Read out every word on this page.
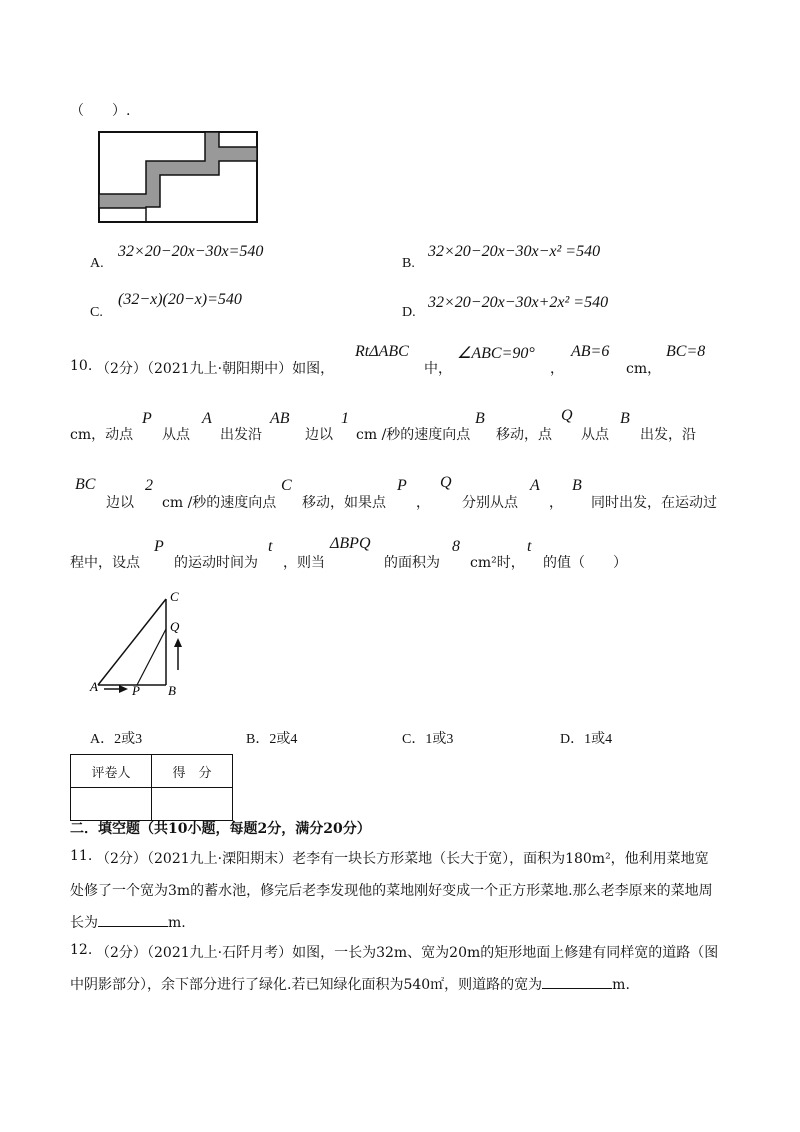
（　　）.
A.
32×20−20x−30x=540
B.
32×20−20x−30x−x² =540
C.
(32−x)(20−x)=540
D.
32×20−20x−30x+2x² =540
10. （2分）
（2021九上·朝阳期中）如图，
RtΔABC
中，
∠ABC=90°
，
AB=6
cm，
BC=8
cm，动点
P
从点
A
出发沿
AB
边以
1
cm /秒的速度向点
B
移动，点
Q
从点
B
出发，沿
BC
边以
2
cm /秒的速度向点
C
移动，如果点
P
，
Q
分别从点
A
，
B
同时出发，在运动过
程中，设点
P
的运动时间为
t
，则当
ΔBPQ
的面积为
8
cm²时，
t
的值（　　）
C
Q
A	P B
A．2或3	B．2或4	C．1或3	D．1或4
评卷人	得　分

二．填空题（共10小题，每题2分，满分20分）
11. （2分）
（2021九上·溧阳期末）老李有一块长方形菜地（长大于宽），面积为180m²，他利用菜地宽
处修了一个宽为3m的蓄水池，修完后老李发现他的菜地刚好变成一个正方形菜地.那么老李原来的菜地周
长为	m.
12. （2分）
（2021九上·石阡月考）如图，一长为32m、宽为20m的矩形地面上修建有同样宽的道路（图
中阴影部分），余下部分进行了绿化.若已知绿化面积为540㎡，则道路的宽为	m.
